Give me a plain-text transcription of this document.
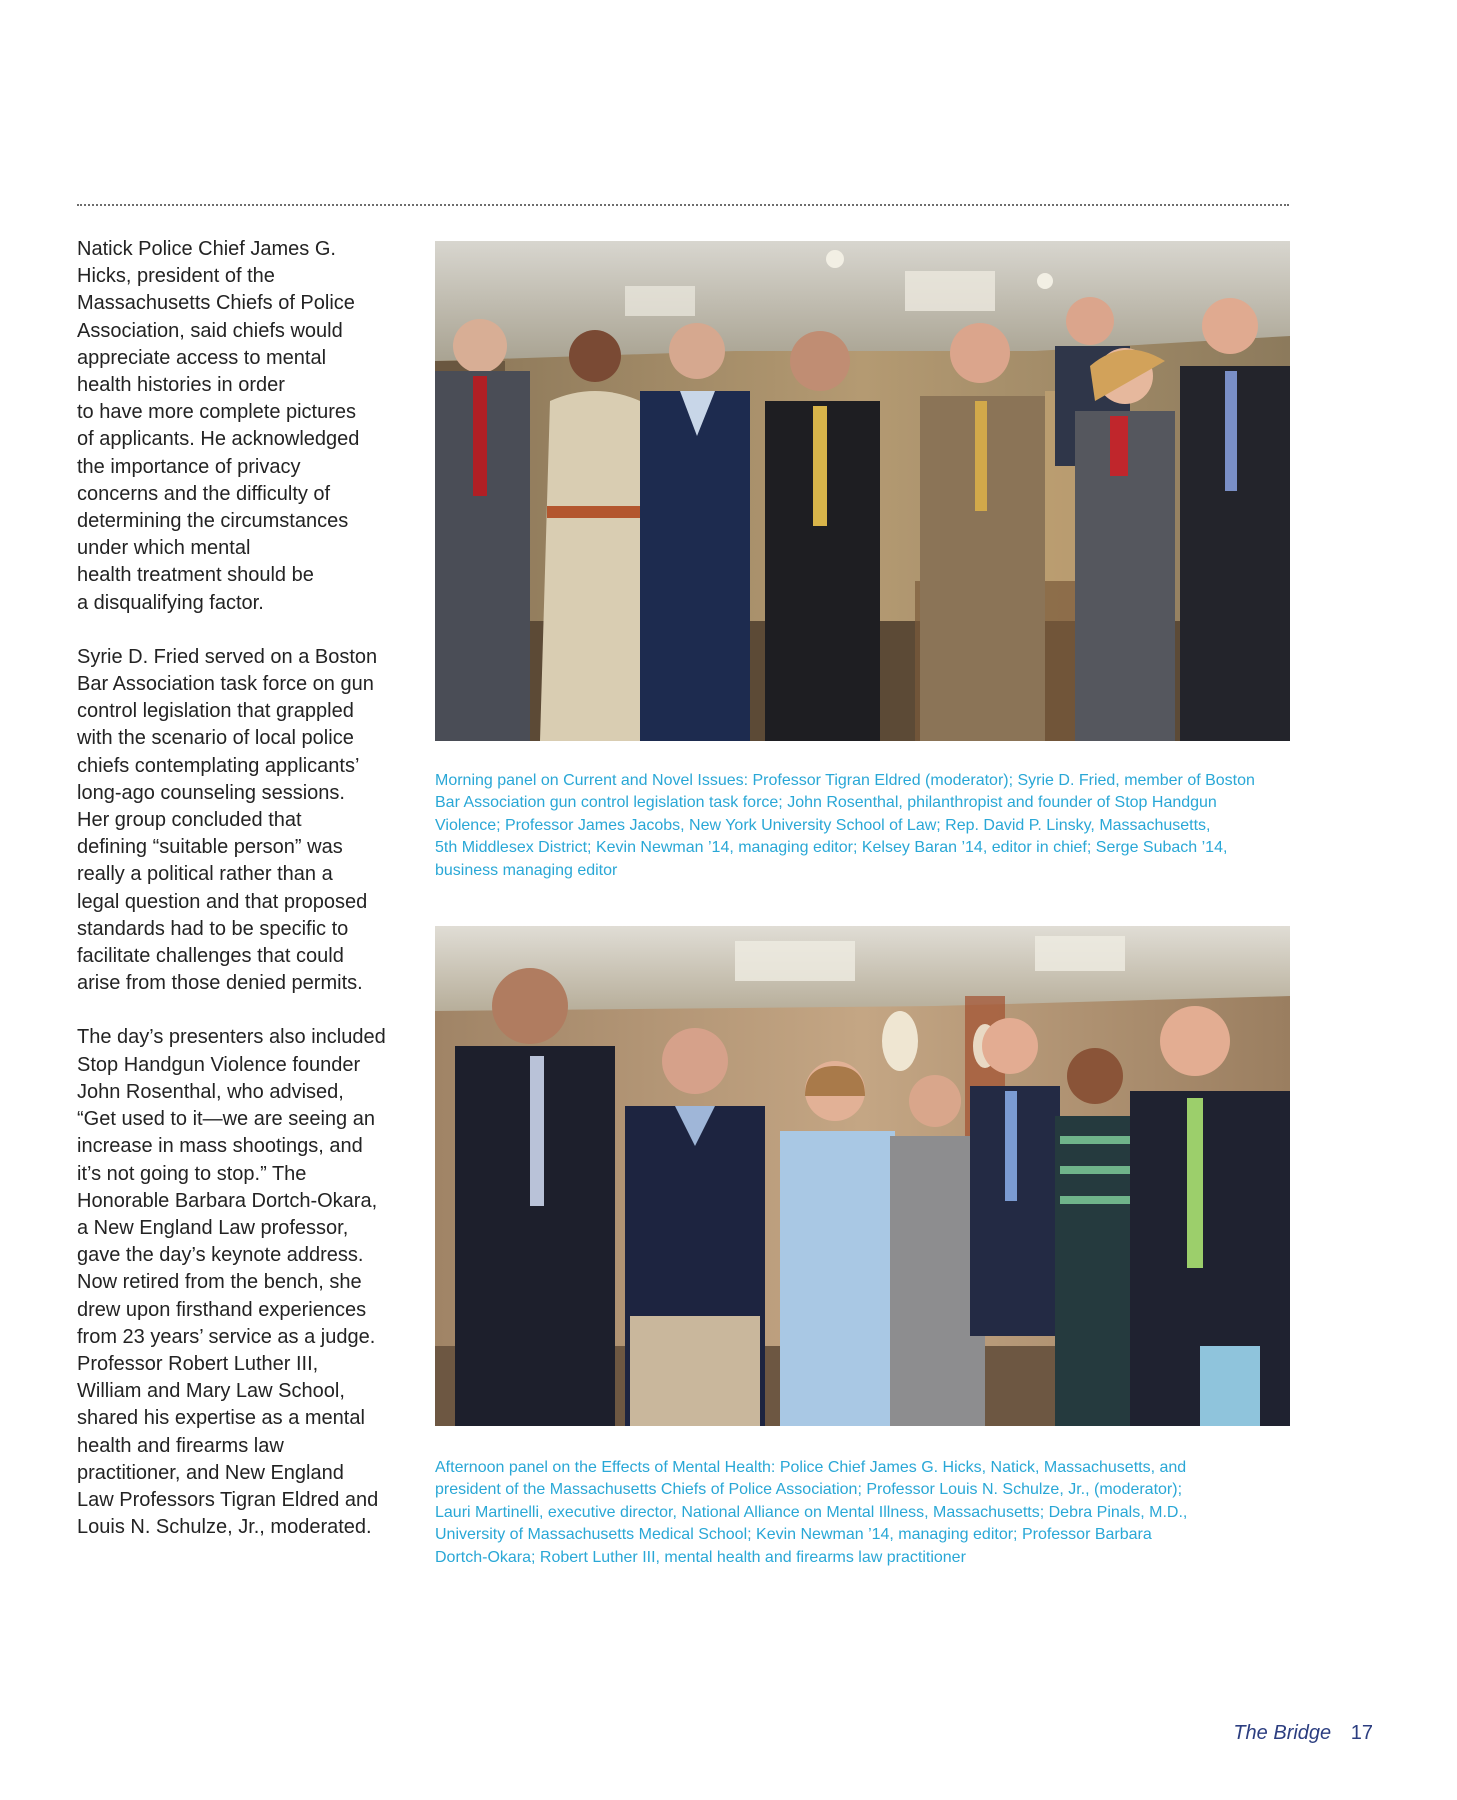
Natick Police Chief James G.
Hicks, president of the
Massachusetts Chiefs of Police
Association, said chiefs would
appreciate access to mental
health histories in order
to have more complete pictures
of applicants. He acknowledged
the importance of privacy
concerns and the difficulty of
determining the circumstances
under which mental
health treatment should be
a disqualifying factor.

Syrie D. Fried served on a Boston
Bar Association task force on gun
control legislation that grappled
with the scenario of local police
chiefs contemplating applicants’
long-ago counseling sessions.
Her group concluded that
defining “suitable person” was
really a political rather than a
legal question and that proposed
standards had to be specific to
facilitate challenges that could
arise from those denied permits.

The day’s presenters also included
Stop Handgun Violence founder
John Rosenthal, who advised,
“Get used to it—we are seeing an
increase in mass shootings, and
it’s not going to stop.” The
Honorable Barbara Dortch-Okara,
a New England Law professor,
gave the day’s keynote address.
Now retired from the bench, she
drew upon firsthand experiences
from 23 years’ service as a judge.
Professor Robert Luther III,
William and Mary Law School,
shared his expertise as a mental
health and firearms law
practitioner, and New England
Law Professors Tigran Eldred and
Louis N. Schulze, Jr., moderated.

Morning panel on Current and Novel Issues: Professor Tigran Eldred (moderator); Syrie D. Fried, member of Boston
Bar Association gun control legislation task force; John Rosenthal, philanthropist and founder of Stop Handgun
Violence; Professor James Jacobs, New York University School of Law; Rep. David P. Linsky, Massachusetts,
5th Middlesex District; Kevin Newman ’14, managing editor; Kelsey Baran ’14, editor in chief; Serge Subach ’14,
business managing editor
Afternoon panel on the Effects of Mental Health: Police Chief James G. Hicks, Natick, Massachusetts, and
president of the Massachusetts Chiefs of Police Association; Professor Louis N. Schulze, Jr., (moderator);
Lauri Martinelli, executive director, National Alliance on Mental Illness, Massachusetts; Debra Pinals, M.D.,
University of Massachusetts Medical School; Kevin Newman ’14, managing editor; Professor Barbara
Dortch-Okara; Robert Luther III, mental health and firearms law practitioner
The Bridge 17
